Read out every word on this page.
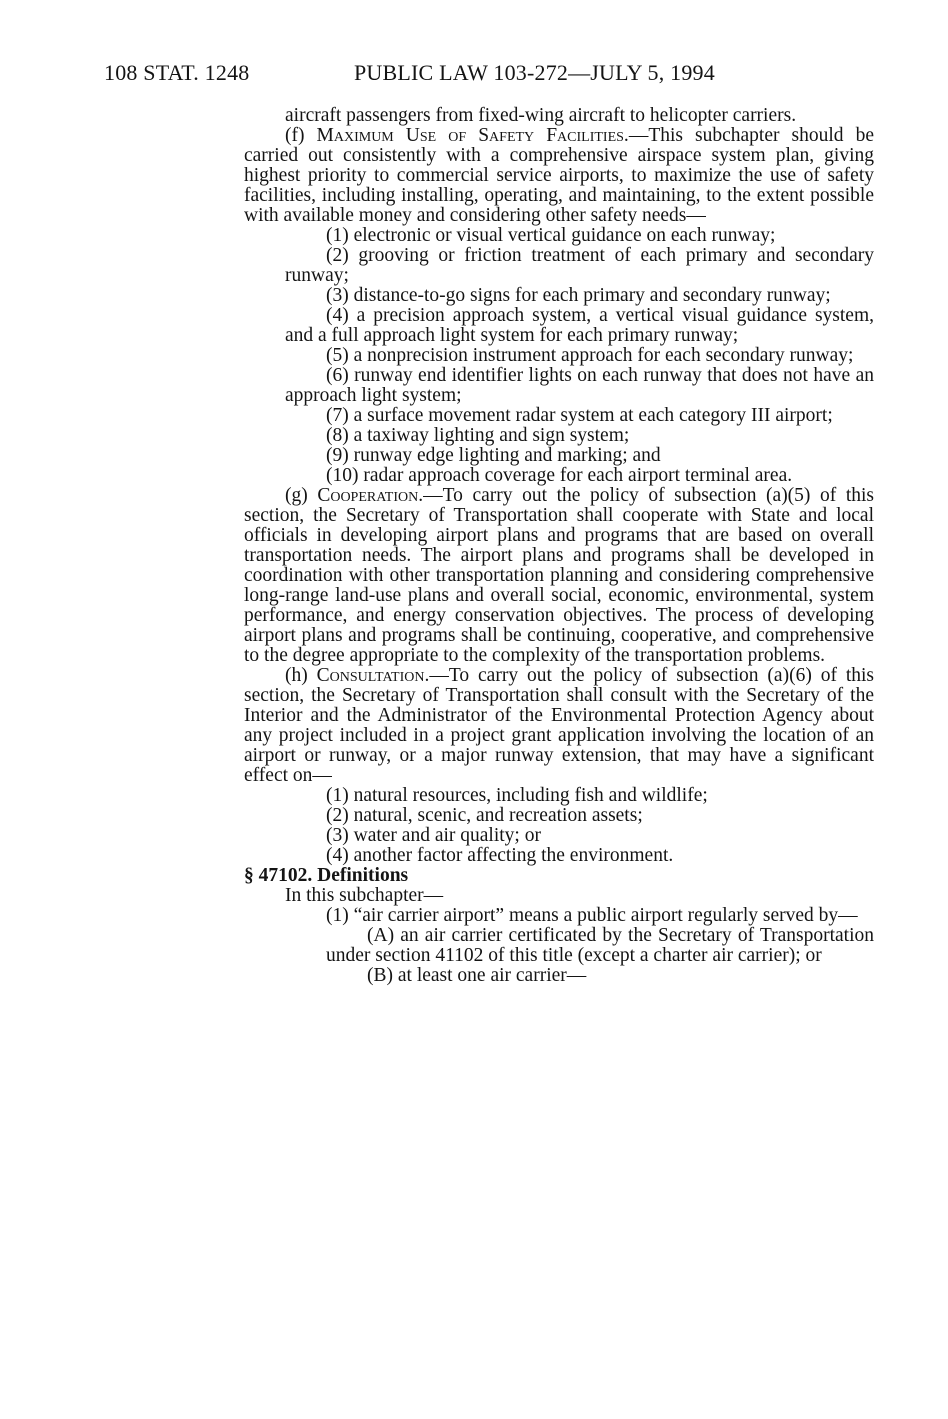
108 STAT. 1248	PUBLIC LAW 103-272—JULY 5, 1994

aircraft passengers from fixed-wing aircraft to helicopter carriers.

(f) Maximum Use of Safety Facilities.—This subchapter should be carried out consistently with a comprehensive airspace system plan, giving highest priority to commercial service airports, to maximize the use of safety facilities, including installing, operating, and maintaining, to the extent possible with available money and considering other safety needs—

(1) electronic or visual vertical guidance on each runway;

(2) grooving or friction treatment of each primary and secondary runway;

(3) distance-to-go signs for each primary and secondary runway;

(4) a precision approach system, a vertical visual guidance system, and a full approach light system for each primary runway;

(5) a nonprecision instrument approach for each secondary runway;

(6) runway end identifier lights on each runway that does not have an approach light system;

(7) a surface movement radar system at each category III airport;

(8) a taxiway lighting and sign system;

(9) runway edge lighting and marking; and

(10) radar approach coverage for each airport terminal area.

(g) Cooperation.—To carry out the policy of subsection (a)(5) of this section, the Secretary of Transportation shall cooperate with State and local officials in developing airport plans and programs that are based on overall transportation needs. The airport plans and programs shall be developed in coordination with other transportation planning and considering comprehensive long-range land-use plans and overall social, economic, environmental, system performance, and energy conservation objectives. The process of developing airport plans and programs shall be continuing, cooperative, and comprehensive to the degree appropriate to the complexity of the transportation problems.

(h) Consultation.—To carry out the policy of subsection (a)(6) of this section, the Secretary of Transportation shall consult with the Secretary of the Interior and the Administrator of the Environmental Protection Agency about any project included in a project grant application involving the location of an airport or runway, or a major runway extension, that may have a significant effect on—

(1) natural resources, including fish and wildlife;

(2) natural, scenic, and recreation assets;

(3) water and air quality; or

(4) another factor affecting the environment.

§ 47102. Definitions

In this subchapter—

(1) “air carrier airport” means a public airport regularly served by—

(A) an air carrier certificated by the Secretary of Transportation under section 41102 of this title (except a charter air carrier); or

(B) at least one air carrier—
